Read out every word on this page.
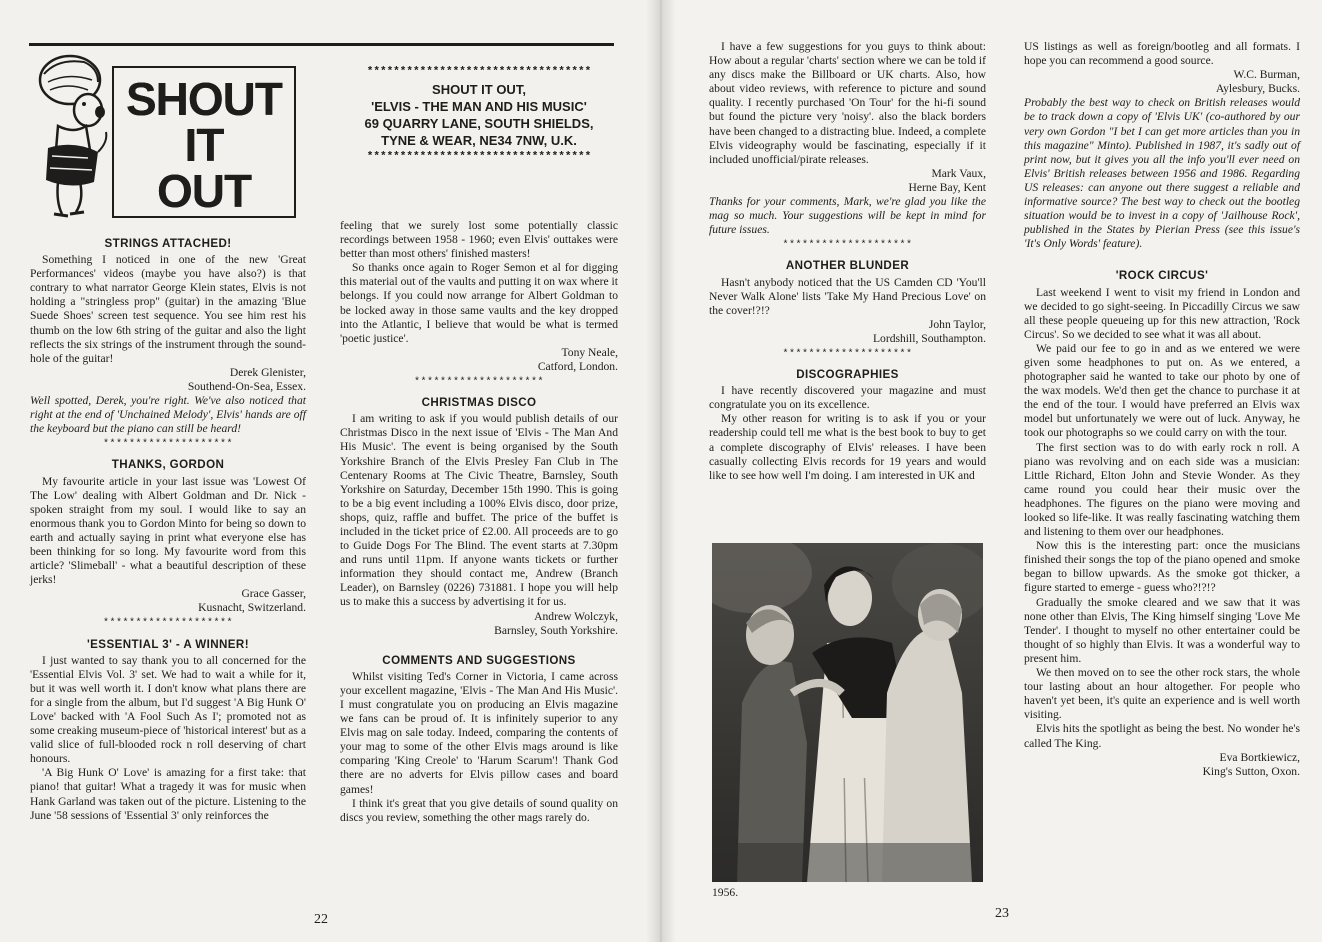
SHOUT
IT
OUT
**********************************
SHOUT IT OUT,
'ELVIS - THE MAN AND HIS MUSIC'
69 QUARRY LANE, SOUTH SHIELDS,
TYNE & WEAR, NE34 7NW, U.K.
**********************************
STRINGS ATTACHED!

Something I noticed in one of the new 'Great Performances' videos (maybe you have also?) is that contrary to what narrator George Klein states, Elvis is not holding a "stringless prop" (guitar) in the amazing 'Blue Suede Shoes' screen test sequence. You see him rest his thumb on the low 6th string of the guitar and also the light reflects the six strings of the instrument through the sound-hole of the guitar!

Derek Glenister,
Southend-On-Sea, Essex.

Well spotted, Derek, you're right. We've also noticed that right at the end of 'Unchained Melody', Elvis' hands are off the keyboard but the piano can still be heard!

********************
THANKS, GORDON

My favourite article in your last issue was 'Lowest Of The Low' dealing with Albert Goldman and Dr. Nick - spoken straight from my soul. I would like to say an enormous thank you to Gordon Minto for being so down to earth and actually saying in print what everyone else has been thinking for so long. My favourite word from this article? 'Slimeball' - what a beautiful description of these jerks!

Grace Gasser,
Kusnacht, Switzerland.
********************
'ESSENTIAL 3' - A WINNER!

I just wanted to say thank you to all concerned for the 'Essential Elvis Vol. 3' set. We had to wait a while for it, but it was well worth it. I don't know what plans there are for a single from the album, but I'd suggest 'A Big Hunk O' Love' backed with 'A Fool Such As I'; promoted not as some creaking museum-piece of 'historical interest' but as a valid slice of full-blooded rock n roll deserving of chart honours.

'A Big Hunk O' Love' is amazing for a first take: that piano! that guitar! What a tragedy it was for music when Hank Garland was taken out of the picture. Listening to the June '58 sessions of 'Essential 3' only reinforces the

feeling that we surely lost some potentially classic recordings between 1958 - 1960; even Elvis' outtakes were better than most others' finished masters!

So thanks once again to Roger Semon et al for digging this material out of the vaults and putting it on wax where it belongs. If you could now arrange for Albert Goldman to be locked away in those same vaults and the key dropped into the Atlantic, I believe that would be what is termed 'poetic justice'.

Tony Neale,
Catford, London.
********************
CHRISTMAS DISCO

I am writing to ask if you would publish details of our Christmas Disco in the next issue of 'Elvis - The Man And His Music'. The event is being organised by the South Yorkshire Branch of the Elvis Presley Fan Club in The Centenary Rooms at The Civic Theatre, Barnsley, South Yorkshire on Saturday, December 15th 1990. This is going to be a big event including a 100% Elvis disco, door prize, shops, quiz, raffle and buffet. The price of the buffet is included in the ticket price of £2.00. All proceeds are to go to Guide Dogs For The Blind. The event starts at 7.30pm and runs until 11pm. If anyone wants tickets or further information they should contact me, Andrew (Branch Leader), on Barnsley (0226) 731881. I hope you will help us to make this a success by advertising it for us.

Andrew Wolczyk,
Barnsley, South Yorkshire.
COMMENTS AND SUGGESTIONS

Whilst visiting Ted's Corner in Victoria, I came across your excellent magazine, 'Elvis - The Man And His Music'. I must congratulate you on producing an Elvis magazine we fans can be proud of. It is infinitely superior to any Elvis mag on sale today. Indeed, comparing the contents of your mag to some of the other Elvis mags around is like comparing 'King Creole' to 'Harum Scarum'! Thank God there are no adverts for Elvis pillow cases and board games!

I think it's great that you give details of sound quality on discs you review, something the other mags rarely do.

22

I have a few suggestions for you guys to think about: How about a regular 'charts' section where we can be told if any discs make the Billboard or UK charts. Also, how about video reviews, with reference to picture and sound quality. I recently purchased 'On Tour' for the hi-fi sound but found the picture very 'noisy'. also the black borders have been changed to a distracting blue. Indeed, a complete Elvis videography would be fascinating, especially if it included unofficial/pirate releases.

Mark Vaux,
Herne Bay, Kent

Thanks for your comments, Mark, we're glad you like the mag so much. Your suggestions will be kept in mind for future issues.

********************
ANOTHER BLUNDER

Hasn't anybody noticed that the US Camden CD 'You'll Never Walk Alone' lists 'Take My Hand Precious Love' on the cover!?!?

John Taylor,
Lordshill, Southampton.
********************
DISCOGRAPHIES

I have recently discovered your magazine and must congratulate you on its excellence.

My other reason for writing is to ask if you or your readership could tell me what is the best book to buy to get a complete discography of Elvis' releases. I have been casually collecting Elvis records for 19 years and would like to see how well I'm doing. I am interested in UK and

1956.

US listings as well as foreign/bootleg and all formats. I hope you can recommend a good source.

W.C. Burman,
Aylesbury, Bucks.

Probably the best way to check on British releases would be to track down a copy of 'Elvis UK' (co-authored by our very own Gordon "I bet I can get more articles than you in this magazine" Minto). Published in 1987, it's sadly out of print now, but it gives you all the info you'll ever need on Elvis' British releases between 1956 and 1986. Regarding US releases: can anyone out there suggest a reliable and informative source? The best way to check out the bootleg situation would be to invest in a copy of 'Jailhouse Rock', published in the States by Pierian Press (see this issue's 'It's Only Words' feature).

'ROCK CIRCUS'

Last weekend I went to visit my friend in London and we decided to go sight-seeing. In Piccadilly Circus we saw all these people queueing up for this new attraction, 'Rock Circus'. So we decided to see what it was all about.

We paid our fee to go in and as we entered we were given some headphones to put on. As we entered, a photographer said he wanted to take our photo by one of the wax models. We'd then get the chance to purchase it at the end of the tour. I would have preferred an Elvis wax model but unfortunately we were out of luck. Anyway, he took our photographs so we could carry on with the tour.

The first section was to do with early rock n roll. A piano was revolving and on each side was a musician: Little Richard, Elton John and Stevie Wonder. As they came round you could hear their music over the headphones. The figures on the piano were moving and looked so life-like. It was really fascinating watching them and listening to them over our headphones.

Now this is the interesting part: once the musicians finished their songs the top of the piano opened and smoke began to billow upwards. As the smoke got thicker, a figure started to emerge - guess who?!?!?

Gradually the smoke cleared and we saw that it was none other than Elvis, The King himself singing 'Love Me Tender'. I thought to myself no other entertainer could be thought of so highly than Elvis. It was a wonderful way to present him.

We then moved on to see the other rock stars, the whole tour lasting about an hour altogether. For people who haven't yet been, it's quite an experience and is well worth visiting.

Elvis hits the spotlight as being the best. No wonder he's called The King.

Eva Bortkiewicz,
King's Sutton, Oxon.
23
